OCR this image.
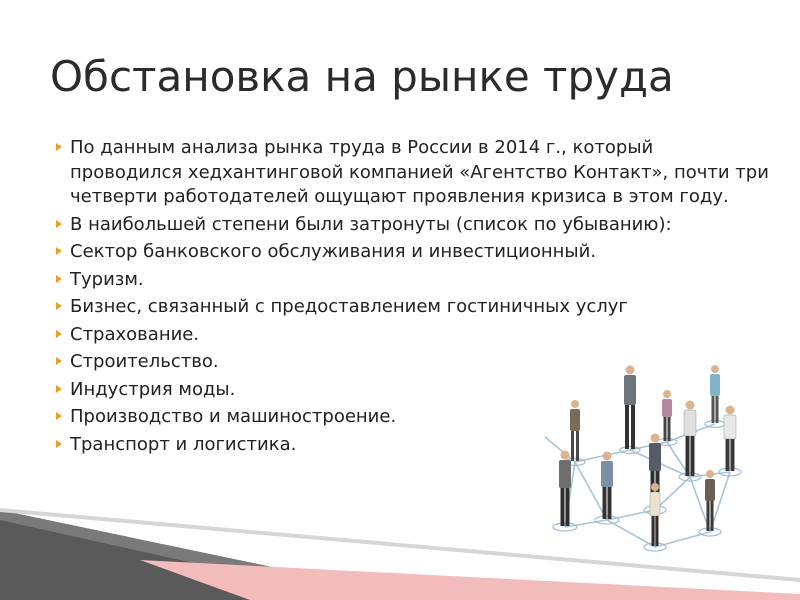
Обстановка на рынке труда
По данным анализа рынка труда в России в 2014 г., который проводился хедхантинговой компанией «Агентство Контакт», почти три четверти работодателей ощущают проявления кризиса в этом году.
В наибольшей степени были затронуты (список по убыванию):
Сектор банковского обслуживания и инвестиционный.
Туризм.
Бизнес, связанный с предоставлением гостиничных услуг
Страхование.
Строительство.
Индустрия моды.
Производство и машиностроение.
Транспорт и логистика.
